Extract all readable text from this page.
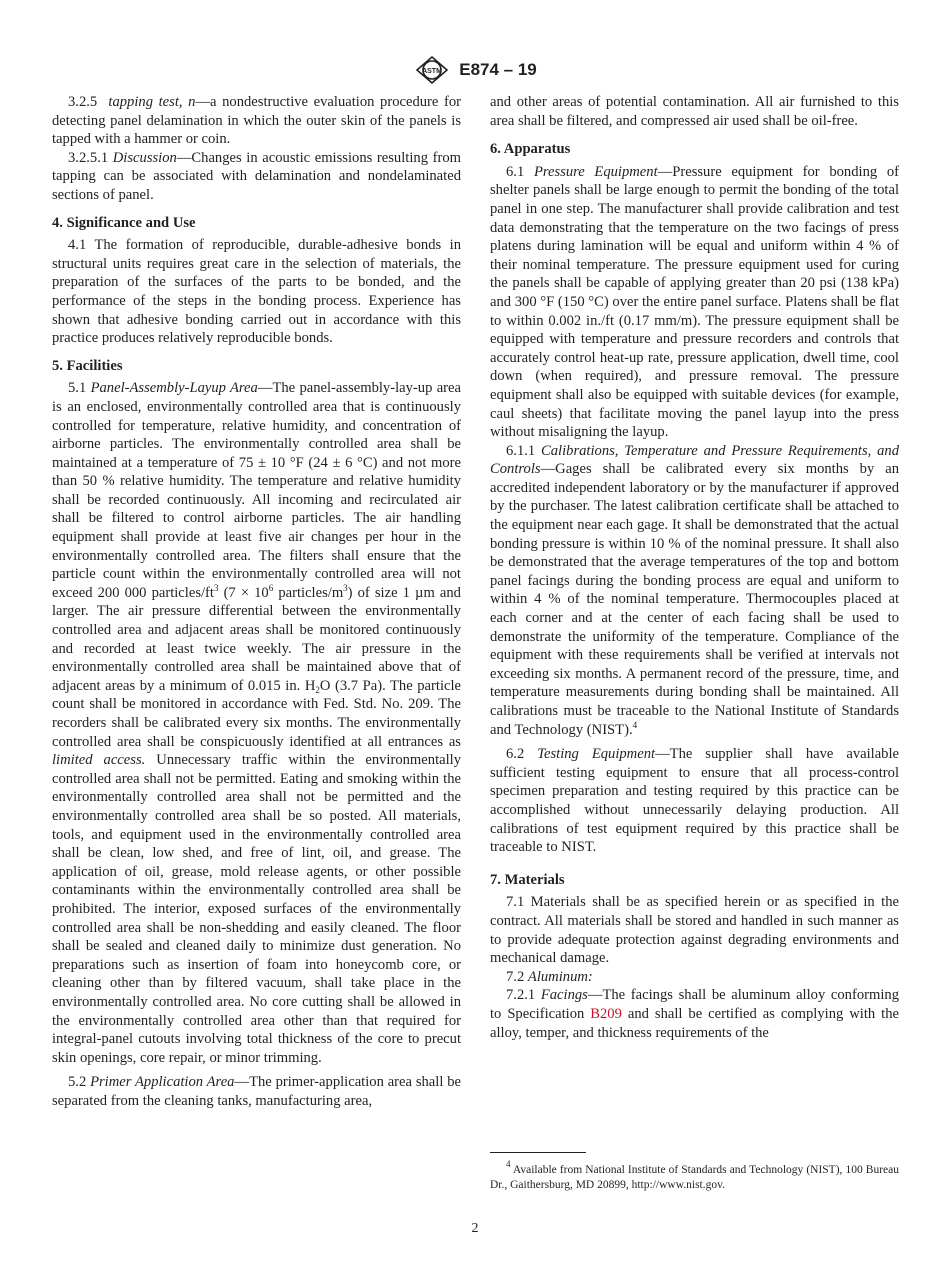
ASTM E874 – 19

3.2.5 tapping test, n—a nondestructive evaluation procedure for detecting panel delamination in which the outer skin of the panels is tapped with a hammer or coin.

3.2.5.1 Discussion—Changes in acoustic emissions resulting from tapping can be associated with delamination and nondelaminated sections of panel.

4. Significance and Use

4.1 The formation of reproducible, durable-adhesive bonds in structural units requires great care in the selection of materials, the preparation of the surfaces of the parts to be bonded, and the performance of the steps in the bonding process. Experience has shown that adhesive bonding carried out in accordance with this practice produces relatively reproducible bonds.

5. Facilities

5.1 Panel-Assembly-Layup Area—The panel-assembly-lay-up area is an enclosed, environmentally controlled area that is continuously controlled for temperature, relative humidity, and concentration of airborne particles. The environmentally controlled area shall be maintained at a temperature of 75 ± 10 °F (24 ± 6 °C) and not more than 50 % relative humidity. The temperature and relative humidity shall be recorded continuously. All incoming and recirculated air shall be filtered to control airborne particles. The air handling equipment shall provide at least five air changes per hour in the environmentally controlled area. The filters shall ensure that the particle count within the environmentally controlled area will not exceed 200 000 particles/$ft^3$ ($7 \times 10^6$ particles/$m^3$) of size 1 µm and larger. The air pressure differential between the environmentally controlled area and adjacent areas shall be monitored continuously and recorded at least twice weekly. The air pressure in the environmentally controlled area shall be maintained above that of adjacent areas by a minimum of 0.015 in. $H_2O$ (3.7 Pa). The particle count shall be monitored in accordance with Fed. Std. No. 209. The recorders shall be calibrated every six months. The environmentally controlled area shall be conspicuously identified at all entrances as limited access. Unnecessary traffic within the environmentally controlled area shall not be permitted. Eating and smoking within the environmentally controlled area shall not be permitted and the environmentally controlled area shall be so posted. All materials, tools, and equipment used in the environmentally controlled area shall be clean, low shed, and free of lint, oil, and grease. The application of oil, grease, mold release agents, or other possible contaminants within the environmentally controlled area shall be prohibited. The interior, exposed surfaces of the environmentally controlled area shall be non-shedding and easily cleaned. The floor shall be sealed and cleaned daily to minimize dust generation. No preparations such as insertion of foam into honeycomb core, or cleaning other than by filtered vacuum, shall take place in the environmentally controlled area. No core cutting shall be allowed in the environmentally controlled area other than that required for integral-panel cutouts involving total thickness of the core to precut skin openings, core repair, or minor trimming.

5.2 Primer Application Area—The primer-application area shall be separated from the cleaning tanks, manufacturing area,

and other areas of potential contamination. All air furnished to this area shall be filtered, and compressed air used shall be oil-free.

6. Apparatus

6.1 Pressure Equipment—Pressure equipment for bonding of shelter panels shall be large enough to permit the bonding of the total panel in one step. The manufacturer shall provide calibration and test data demonstrating that the temperature on the two facings of press platens during lamination will be equal and uniform within 4 % of their nominal temperature. The pressure equipment used for curing the panels shall be capable of applying greater than 20 psi (138 kPa) and 300 °F (150 °C) over the entire panel surface. Platens shall be flat to within 0.002 in./ft (0.17 mm/m). The pressure equipment shall be equipped with temperature and pressure recorders and controls that accurately control heat-up rate, pressure application, dwell time, cool down (when required), and pressure removal. The pressure equipment shall also be equipped with suitable devices (for example, caul sheets) that facilitate moving the panel layup into the press without misaligning the layup.

6.1.1 Calibrations, Temperature and Pressure Requirements, and Controls—Gages shall be calibrated every six months by an accredited independent laboratory or by the manufacturer if approved by the purchaser. The latest calibration certificate shall be attached to the equipment near each gage. It shall be demonstrated that the actual bonding pressure is within 10 % of the nominal pressure. It shall also be demonstrated that the average temperatures of the top and bottom panel facings during the bonding process are equal and uniform to within 4 % of the nominal temperature. Thermocouples placed at each corner and at the center of each facing shall be used to demonstrate the uniformity of the temperature. Compliance of the equipment with these requirements shall be verified at intervals not exceeding six months. A permanent record of the pressure, time, and temperature measurements during bonding shall be maintained. All calibrations must be traceable to the National Institute of Standards and Technology (NIST).$^4$

6.2 Testing Equipment—The supplier shall have available sufficient testing equipment to ensure that all process-control specimen preparation and testing required by this practice can be accomplished without unnecessarily delaying production. All calibrations of test equipment required by this practice shall be traceable to NIST.

7. Materials

7.1 Materials shall be as specified herein or as specified in the contract. All materials shall be stored and handled in such manner as to provide adequate protection against degrading environments and mechanical damage.

7.2 Aluminum:

7.2.1 Facings—The facings shall be aluminum alloy conforming to Specification B209 and shall be certified as complying with the alloy, temper, and thickness requirements of the

$^4$ Available from National Institute of Standards and Technology (NIST), 100 Bureau Dr., Gaithersburg, MD 20899, http://www.nist.gov.
2
